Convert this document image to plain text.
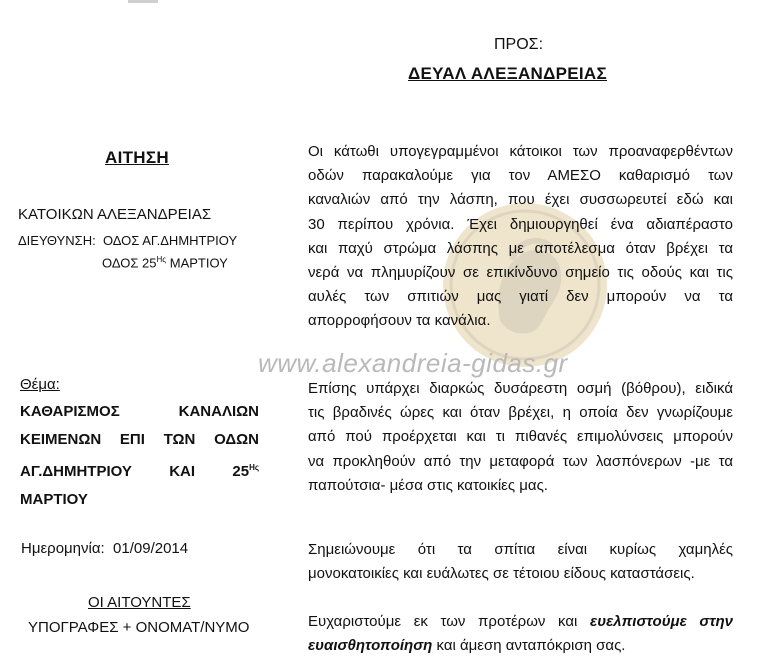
www.alexandreia-gidas.gr
ΠΡΟΣ:
ΔΕΥΑΛ ΑΛΕΞΑΝΔΡΕΙΑΣ
ΑΙΤΗΣΗ
ΚΑΤΟΙΚΩΝ ΑΛΕΞΑΝΔΡΕΙΑΣ
ΔΙΕΥΘΥΝΣΗ: ΟΔΟΣ ΑΓ.ΔΗΜΗΤΡΙΟΥ
ΟΔΟΣ $25^{H\varsigma}$ ΜΑΡΤΙΟΥ
Θέμα:
ΚΑΘΑΡΙΣΜΟΣ ΚΑΝΑΛΙΩΝ
ΚΕΙΜΕΝΩΝ ΕΠΙ ΤΩΝ ΟΔΩΝ
ΑΓ.ΔΗΜΗΤΡΙΟΥ ΚΑΙ $25^{H\varsigma}$
ΜΑΡΤΙΟΥ
Ημερομηνία: 01/09/2014
ΟΙ ΑΙΤΟΥΝΤΕΣ
ΥΠΟΓΡΑΦΕΣ + ΟΝΟΜΑΤ/ΝΥΜΟ
Οι κάτωθι υπογεγραμμένοι κάτοικοι των προαναφερθέντων
οδών παρακαλούμε για τον ΑΜΕΣΟ καθαρισμό των
καναλιών από την λάσπη, που έχει συσσωρευτεί εδώ και
30 περίπου χρόνια. Έχει δημιουργηθεί ένα αδιαπέραστο
και παχύ στρώμα λάσπης με αποτέλεσμα όταν βρέχει τα
νερά να πλημυρίζουν σε επικίνδυνο σημείο τις οδούς και τις
αυλές των σπιτιών μας γιατί δεν μπορούν να τα
απορροφήσουν τα κανάλια.
Επίσης υπάρχει διαρκώς δυσάρεστη οσμή (βόθρου), ειδικά
τις βραδινές ώρες και όταν βρέχει, η οποία δεν γνωρίζουμε
από πού προέρχεται και τι πιθανές επιμολύνσεις μπορούν
να προκληθούν από την μεταφορά των λασπόνερων -με τα
παπούτσια- μέσα στις κατοικίες μας.
Σημειώνουμε ότι τα σπίτια είναι κυρίως χαμηλές
μονοκατοικίες και ευάλωτες σε τέτοιου είδους καταστάσεις.
Ευχαριστούμε εκ των προτέρων και ευελπιστούμε στην
ευαισθητοποίηση και άμεση ανταπόκριση σας.
